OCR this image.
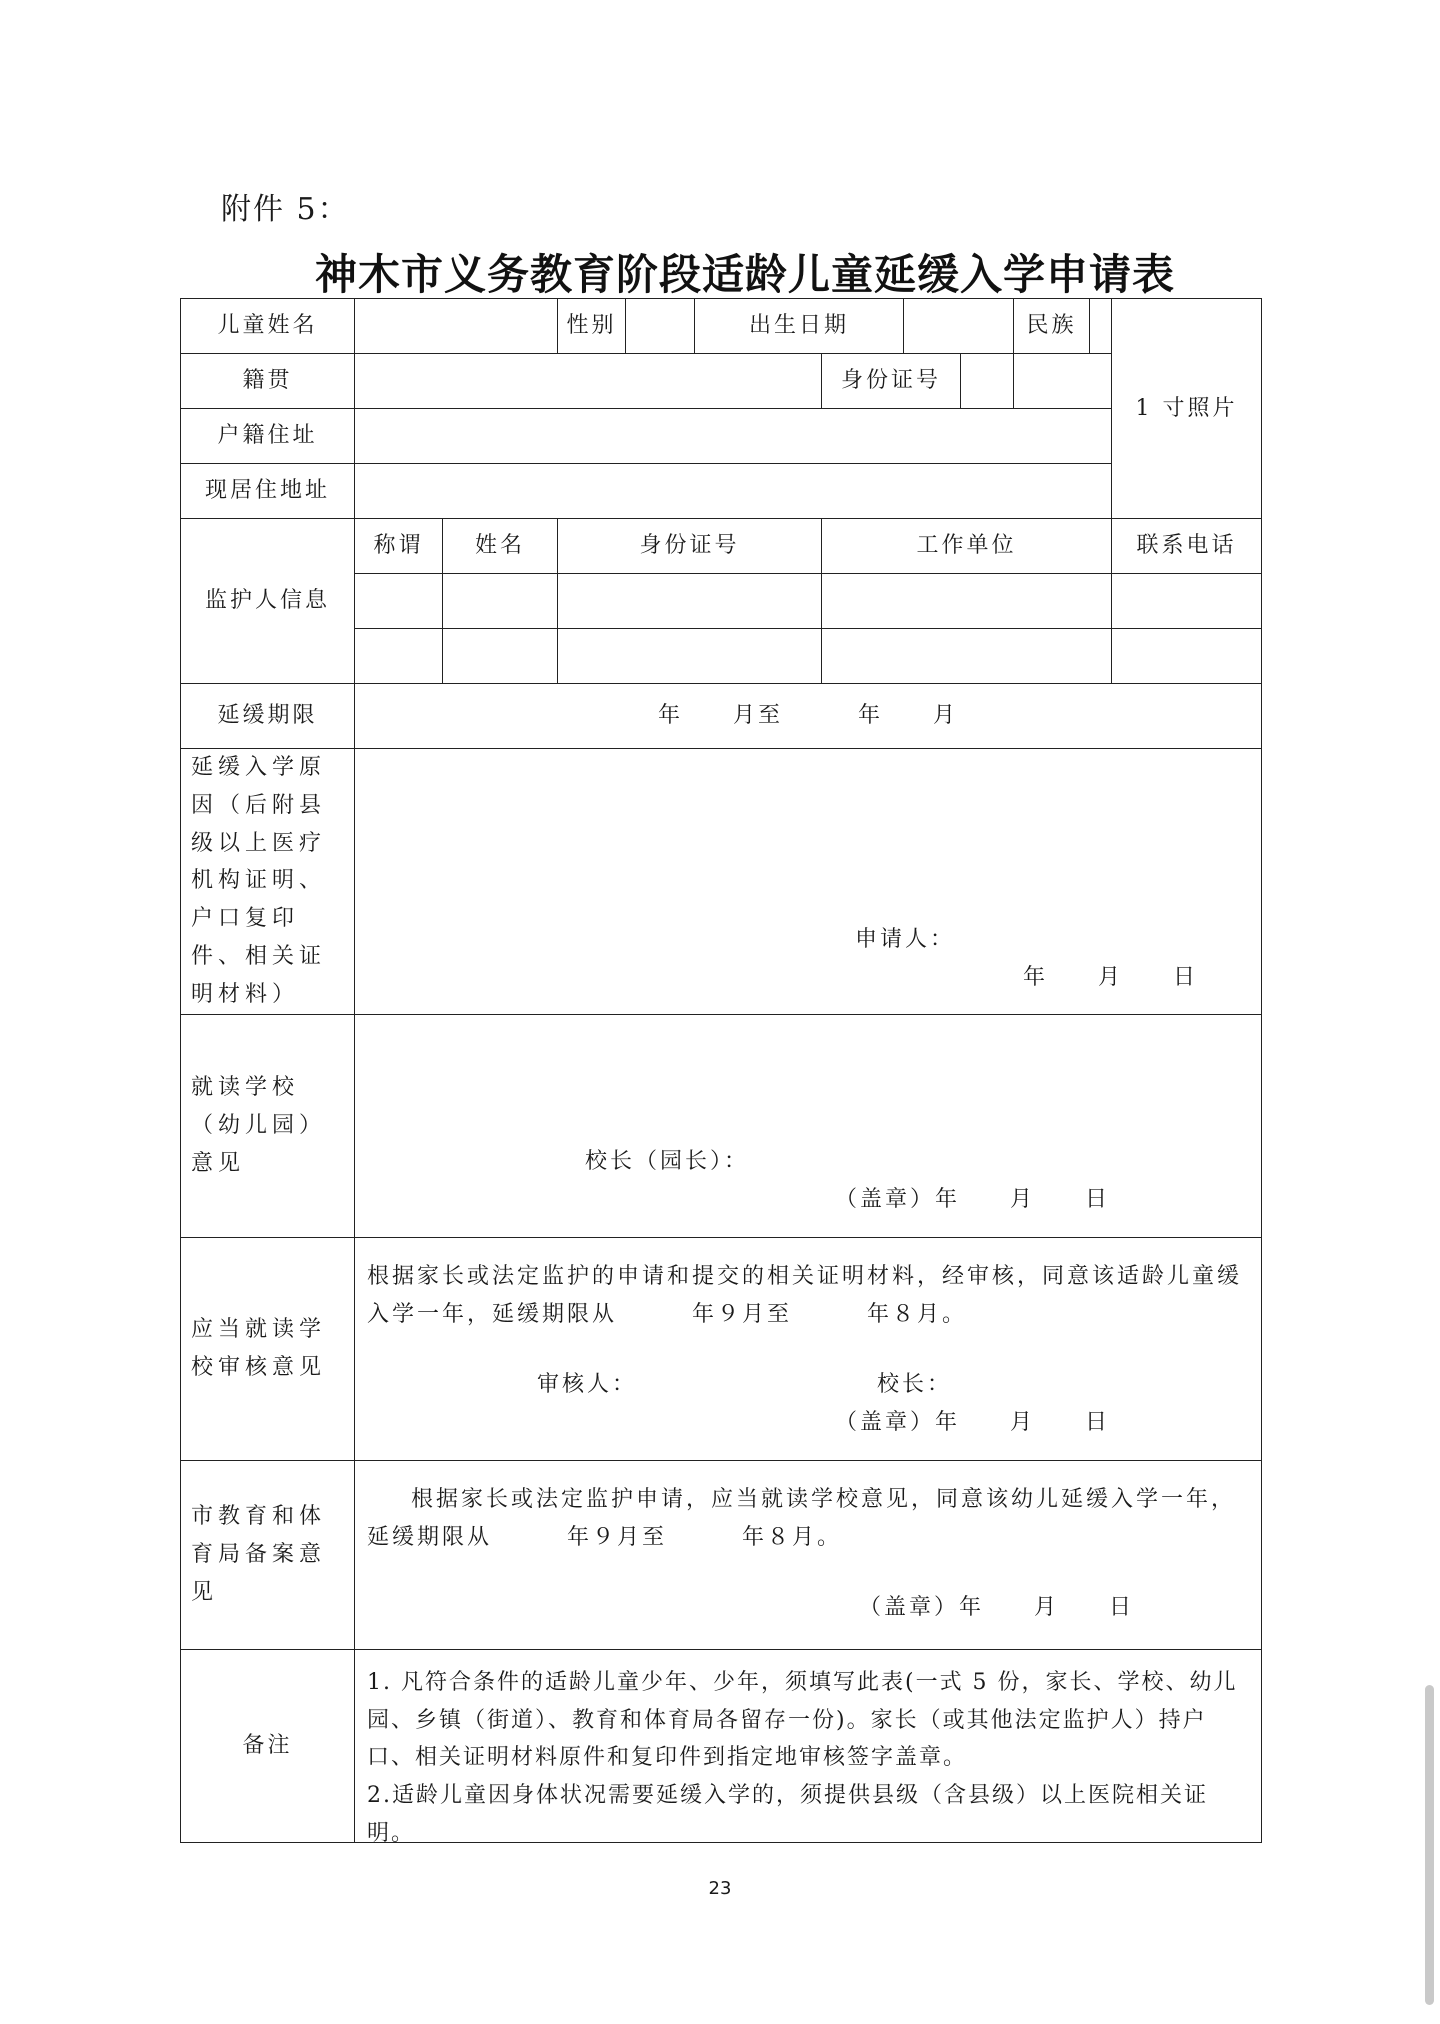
附件 5：
神木市义务教育阶段适龄儿童延缓入学申请表
儿童姓名			性别	出生日期			民族		1 寸照片
籍贯					身份证号				

户籍住址									
现居住地址									
监护人信息	称谓	姓名	身份证号		工作单位				联系电话

延缓期限	年　　月至　　　年　　月								
延缓入学原因（后附县级以上医疗机构证明、户口复印件、相关证明材料）	申请人：
年　　月　　日								

就读学校（幼儿园）意见	校长（园长）：
（盖章）年　　月　　日								

应当就读学校审核意见	根据家长或法定监护的申请和提交的相关证明材料，经审核，同意该适龄儿童缓入学一年，延缓期限从　　　年９月至　　　年８月。
审核人： 校长：
（盖章）年　　月　　日								

市教育和体育局备案意见	根据家长或法定监护申请，应当就读学校意见，同意该幼儿延缓入学一年，延缓期限从　　　年９月至　　　年８月。
（盖章）年　　月　　日								

备注	1. 凡符合条件的适龄儿童少年、少年，须填写此表(一式 5 份，家长、学校、幼儿园、乡镇（街道）、教育和体育局各留存一份)。家长（或其他法定监护人）持户口、相关证明材料原件和复印件到指定地审核签字盖章。
2.适龄儿童因身体状况需要延缓入学的，须提供县级（含县级）以上医院相关证明。								
23
